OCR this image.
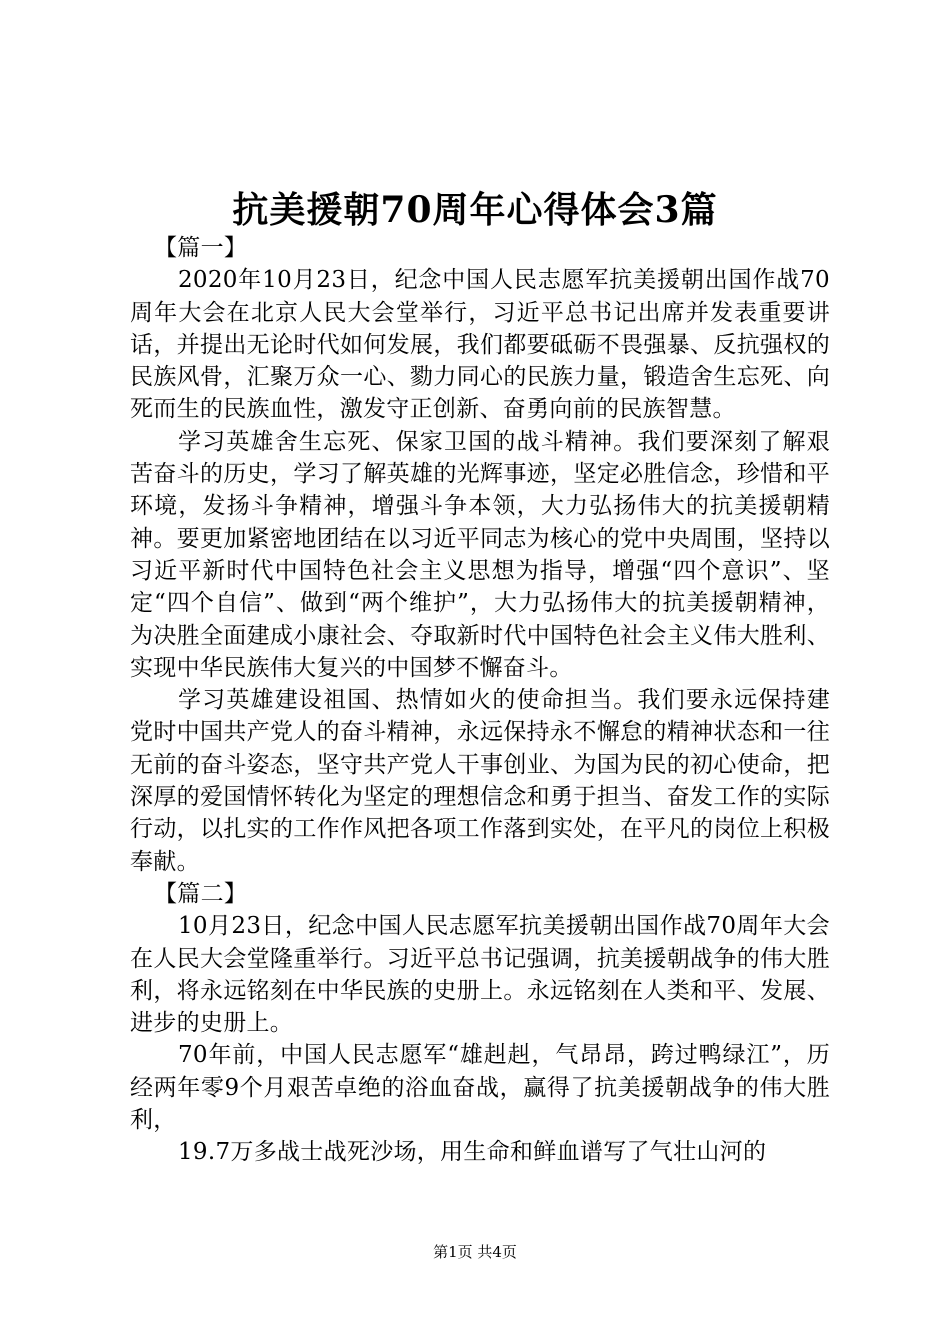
抗美援朝70周年心得体会3篇

【篇一】

2020年10月23日，纪念中国人民志愿军抗美援朝出国作战70周年大会在北京人民大会堂举行，习近平总书记出席并发表重要讲话，并提出无论时代如何发展，我们都要砥砺不畏强暴、反抗强权的民族风骨，汇聚万众一心、勠力同心的民族力量，锻造舍生忘死、向死而生的民族血性，激发守正创新、奋勇向前的民族智慧。

学习英雄舍生忘死、保家卫国的战斗精神。我们要深刻了解艰苦奋斗的历史，学习了解英雄的光辉事迹，坚定必胜信念，珍惜和平环境，发扬斗争精神，增强斗争本领，大力弘扬伟大的抗美援朝精神。要更加紧密地团结在以习近平同志为核心的党中央周围，坚持以习近平新时代中国特色社会主义思想为指导，增强“四个意识”、坚定“四个自信”、做到“两个维护”，大力弘扬伟大的抗美援朝精神，为决胜全面建成小康社会、夺取新时代中国特色社会主义伟大胜利、实现中华民族伟大复兴的中国梦不懈奋斗。

学习英雄建设祖国、热情如火的使命担当。我们要永远保持建党时中国共产党人的奋斗精神，永远保持永不懈怠的精神状态和一往无前的奋斗姿态，坚守共产党人干事创业、为国为民的初心使命，把深厚的爱国情怀转化为坚定的理想信念和勇于担当、奋发工作的实际行动，以扎实的工作作风把各项工作落到实处，在平凡的岗位上积极奉献。

【篇二】

10月23日，纪念中国人民志愿军抗美援朝出国作战70周年大会在人民大会堂隆重举行。习近平总书记强调，抗美援朝战争的伟大胜利，将永远铭刻在中华民族的史册上。永远铭刻在人类和平、发展、进步的史册上。

70年前，中国人民志愿军“雄赳赳，气昂昂，跨过鸭绿江”，历经两年零9个月艰苦卓绝的浴血奋战，赢得了抗美援朝战争的伟大胜利，

19.7万多战士战死沙场，用生命和鲜血谱写了气壮山河的

第1页 共4页
